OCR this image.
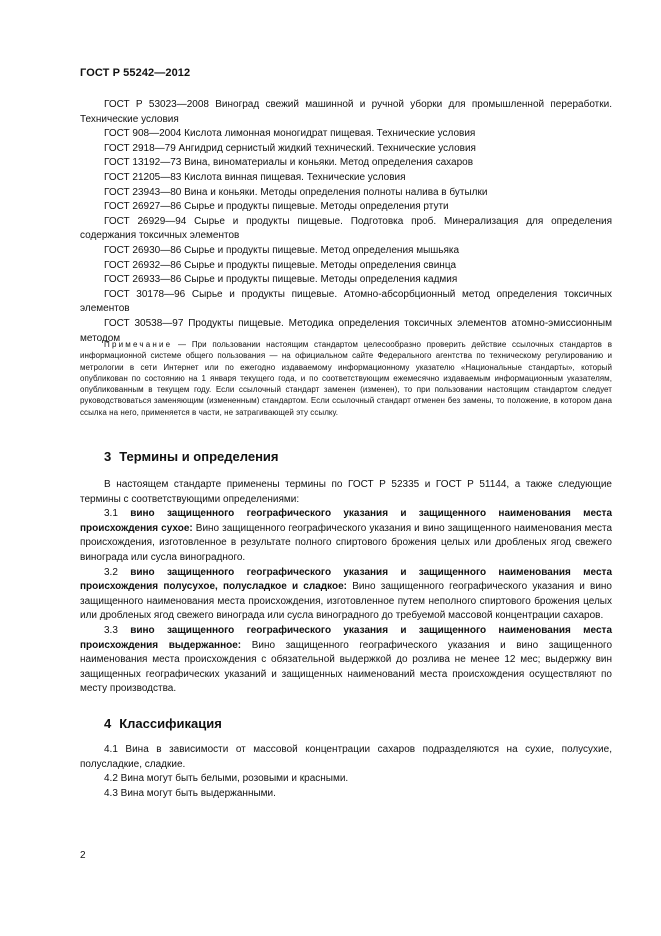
ГОСТ Р 55242—2012

ГОСТ Р 53023—2008 Виноград свежий машинной и ручной уборки для промышленной переработки. Технические условия

ГОСТ 908—2004 Кислота лимонная моногидрат пищевая. Технические условия

ГОСТ 2918—79 Ангидрид сернистый жидкий технический. Технические условия

ГОСТ 13192—73 Вина, виноматериалы и коньяки. Метод определения сахаров

ГОСТ 21205—83 Кислота винная пищевая. Технические условия

ГОСТ 23943—80 Вина и коньяки. Методы определения полноты налива в бутылки

ГОСТ 26927—86 Сырье и продукты пищевые. Методы определения ртути

ГОСТ 26929—94 Сырье и продукты пищевые. Подготовка проб. Минерализация для определения содержания токсичных элементов

ГОСТ 26930—86 Сырье и продукты пищевые. Метод определения мышьяка

ГОСТ 26932—86 Сырье и продукты пищевые. Методы определения свинца

ГОСТ 26933—86 Сырье и продукты пищевые. Методы определения кадмия

ГОСТ 30178—96 Сырье и продукты пищевые. Атомно-абсорбционный метод определения токсичных элементов

ГОСТ 30538—97 Продукты пищевые. Методика определения токсичных элементов атомно-эмиссионным методом

Примечание — При пользовании настоящим стандартом целесообразно проверить действие ссылочных стандартов в информационной системе общего пользования — на официальном сайте Федерального агентства по техническому регулированию и метрологии в сети Интернет или по ежегодно издаваемому информационному указателю «Национальные стандарты», который опубликован по состоянию на 1 января текущего года, и по соответствующим ежемесячно издаваемым информационным указателям, опубликованным в текущем году. Если ссылочный стандарт заменен (изменен), то при пользовании настоящим стандартом следует руководствоваться заменяющим (измененным) стандартом. Если ссылочный стандарт отменен без замены, то положение, в котором дана ссылка на него, применяется в части, не затрагивающей эту ссылку.

3 Термины и определения

В настоящем стандарте применены термины по ГОСТ Р 52335 и ГОСТ Р 51144, а также следующие термины с соответствующими определениями:

3.1 вино защищенного географического указания и защищенного наименования места происхождения сухое: Вино защищенного географического указания и вино защищенного наименования места происхождения, изготовленное в результате полного спиртового брожения целых или дробленых ягод свежего винограда или сусла виноградного.

3.2 вино защищенного географического указания и защищенного наименования места происхождения полусухое, полусладкое и сладкое: Вино защищенного географического указания и вино защищенного наименования места происхождения, изготовленное путем неполного спиртового брожения целых или дробленых ягод свежего винограда или сусла виноградного до требуемой массовой концентрации сахаров.

3.3 вино защищенного географического указания и защищенного наименования места происхождения выдержанное: Вино защищенного географического указания и вино защищенного наименования места происхождения с обязательной выдержкой до розлива не менее 12 мес; выдержку вин защищенных географических указаний и защищенных наименований места происхождения осуществляют по месту производства.

4 Классификация

4.1 Вина в зависимости от массовой концентрации сахаров подразделяются на сухие, полусухие, полусладкие, сладкие.

4.2 Вина могут быть белыми, розовыми и красными.

4.3 Вина могут быть выдержанными.

2
